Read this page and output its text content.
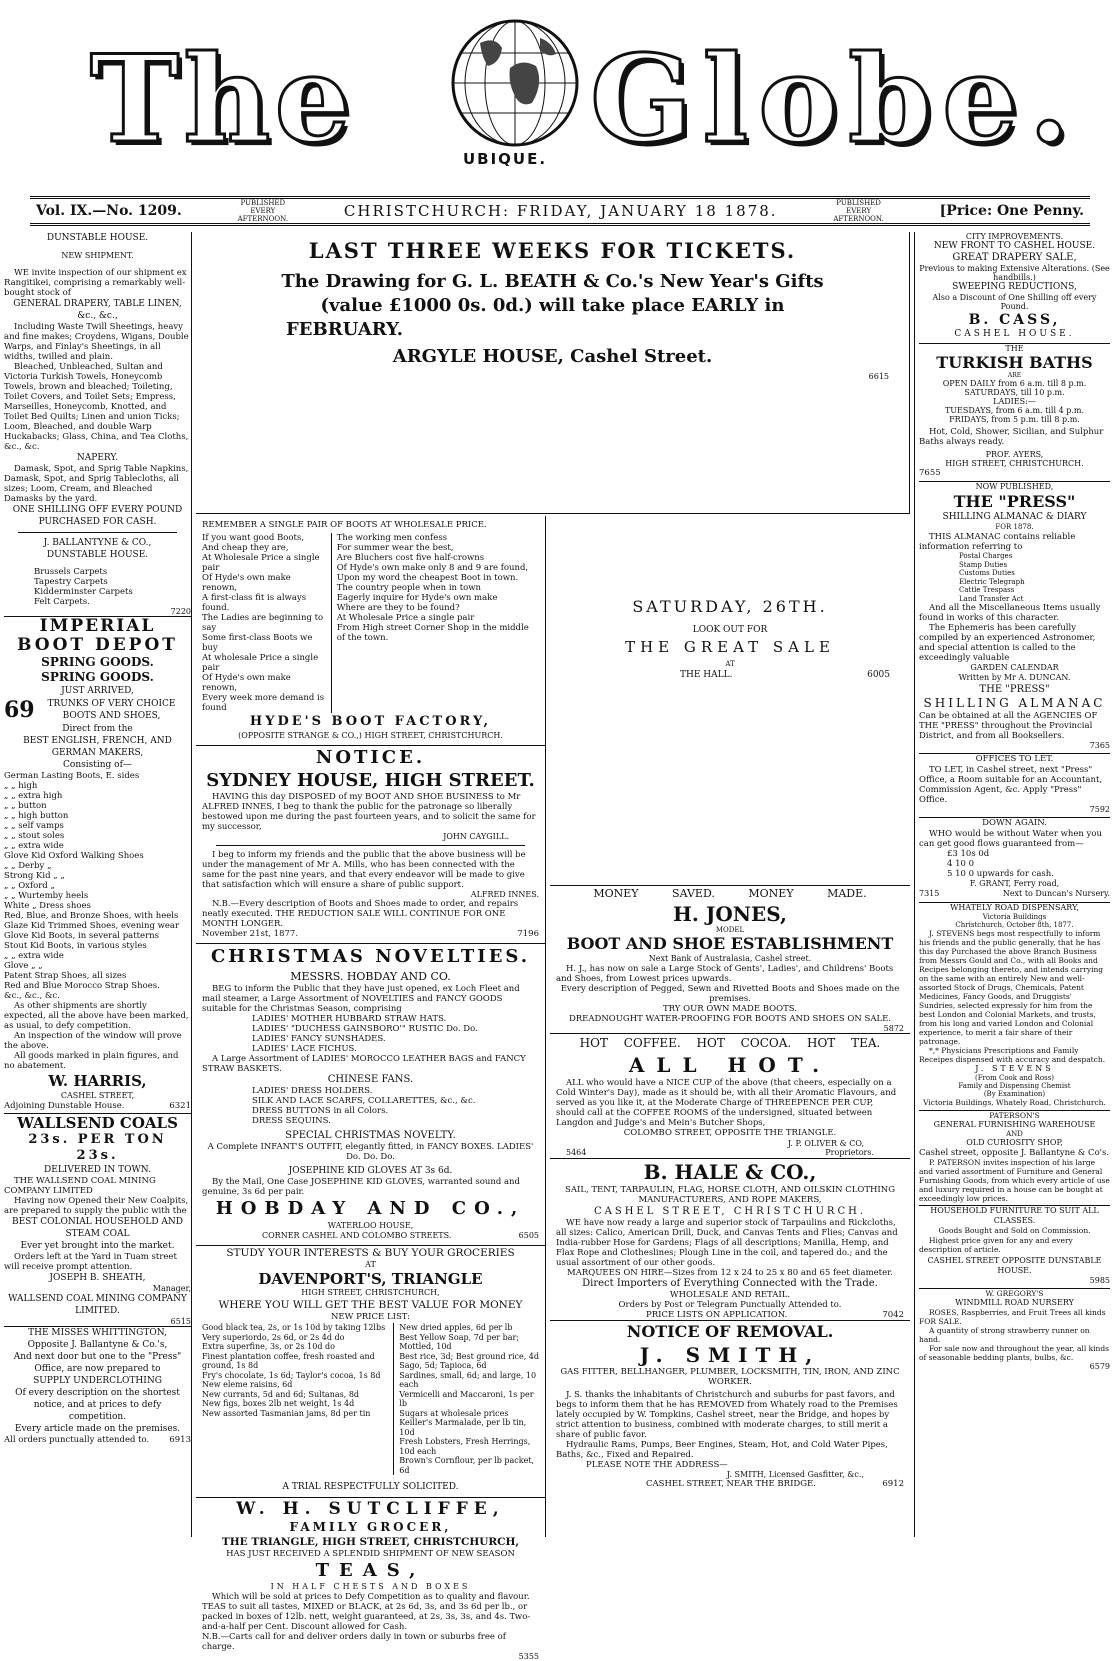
The	UBIQUE. Globe.
Vol. IX.—No. 1209.	PUBLISHED EVERY AFTERNOON.	CHRISTCHURCH: FRIDAY, JANUARY 18 1878.	PUBLISHED EVERY AFTERNOON.	[Price: One Penny.

DUNSTABLE HOUSE.

NEW SHIPMENT.

WE invite inspection of our shipment ex Rangitikei, comprising a remarkably well-bought stock of

GENERAL DRAPERY, TABLE LINEN, &c., &c.,

Including Waste Twill Sheetings, heavy and fine makes; Croydens, Wigans, Double Warps, and Finlay's Sheetings, in all widths, twilled and plain.

Bleached, Unbleached, Sultan and Victoria Turkish Towels, Honeycomb Towels, brown and bleached; Toileting, Toilet Covers, and Toilet Sets; Empress, Marseilles, Honeycomb, Knotted, and Toilet Bed Quilts; Linen and union Ticks; Loom, Bleached, and double Warp Huckabacks; Glass, China, and Tea Cloths, &c., &c.

NAPERY.

Damask, Spot, and Sprig Table Napkins, Damask, Spot, and Sprig Tablecloths, all sizes; Loom, Cream, and Bleached Damasks by the yard.

ONE SHILLING OFF EVERY POUND PURCHASED FOR CASH.

J. BALLANTYNE & CO.,

DUNSTABLE HOUSE.

Brussels Carpets

Tapestry Carpets

Kidderminster Carpets

Felt Carpets.

7220

IMPERIAL

BOOT DEPOT

SPRING GOODS.

SPRING GOODS.

JUST ARRIVED,

69	TRUNKS OF VERY CHOICE BOOTS AND SHOES,

Direct from the

BEST ENGLISH, FRENCH, AND GERMAN MAKERS,

Consisting of—

German Lasting Boots, E. sides
„ „ high
„ „ extra high
„ „ button
„ „ high button
„ „ self vamps
„ „ stout soles
„ „ extra wide
Glove Kid Oxford Walking Shoes
„ „ Derby „
Strong Kid „ „
„ „ Oxford „
„ „ Wurtemby heels
White „ Dress shoes
Red, Blue, and Bronze Shoes, with heels
Glaze Kid Trimmed Shoes, evening wear
Glove Kid Boots, in several patterns
Stout Kid Boots, in various styles
„ „ extra wide
Glove „ „
Patent Strap Shoes, all sizes
Red and Blue Morocco Strap Shoes.
&c., &c., &c.

As other shipments are shortly expected, all the above have been marked, as usual, to defy competition.

An inspection of the window will prove the above.

All goods marked in plain figures, and no abatement.

W. HARRIS,

CASHEL STREET,

Adjoining Dunstable House.	6321

WALLSEND COALS

23s. PER TON 23s.

DELIVERED IN TOWN.

THE WALLSEND COAL MINING COMPANY LIMITED

Having now Opened their New Coalpits, are prepared to supply the public with the

BEST COLONIAL HOUSEHOLD AND STEAM COAL

Ever yet brought into the market.

Orders left at the Yard in Tuam street will receive prompt attention.

JOSEPH B. SHEATH,

Manager,

WALLSEND COAL MINING COMPANY LIMITED.

6515

THE MISSES WHITTINGTON,

Opposite J. Ballantyne & Co.'s,

And next door but one to the "Press" Office, are now prepared to

SUPPLY UNDERCLOTHING

Of every description on the shortest notice, and at prices to defy competition.

Every article made on the premises.

All orders punctually attended to. 6913

LAST THREE WEEKS FOR TICKETS.

The Drawing for G. L. BEATH & Co.'s New Year's Gifts

(value £1000 0s. 0d.) will take place EARLY in

FEBRUARY.

ARGYLE HOUSE, Cashel Street.

6615

REMEMBER A SINGLE PAIR OF BOOTS AT WHOLESALE PRICE.

If you want good Boots,
And cheap they are,
At Wholesale Price a single pair
Of Hyde's own make renown,
A first-class fit is always found.
The Ladies are beginning to say
Some first-class Boots we buy
At wholesale Price a single pair
Of Hyde's own make renown,
Every week more demand is found

The working men confess
For summer wear the best,
Are Bluchers cost five half-crowns
Of Hyde's own make only 8 and 9 are found,
Upon my word the cheapest Boot in town.
The country people when in town
Eagerly inquire for Hyde's own make
Where are they to be found?
At Wholesale Price a single pair
From High street Corner Shop in the middle of the town.

HYDE'S BOOT FACTORY,

(OPPOSITE STRANGE & CO.,) HIGH STREET, CHRISTCHURCH.

NOTICE.

SYDNEY HOUSE, HIGH STREET.

HAVING this day DISPOSED of my BOOT AND SHOE BUSINESS to Mr ALFRED INNES, I beg to thank the public for the patronage so liberally bestowed upon me during the past fourteen years, and to solicit the same for my successor,

JOHN CAYGILL.

I beg to inform my friends and the public that the above business will be under the management of Mr A. Mills, who has been connected with the same for the past nine years, and that every endeavor will be made to give that satisfaction which will ensure a share of public support.

ALFRED INNES.

N.B.—Every description of Boots and Shoes made to order, and repairs neatly executed. THE REDUCTION SALE WILL CONTINUE FOR ONE MONTH LONGER.

November 21st, 1877.	7196

CHRISTMAS NOVELTIES.

MESSRS. HOBDAY AND CO.

BEG to inform the Public that they have just opened, ex Loch Fleet and mail steamer, a Large Assortment of NOVELTIES and FANCY GOODS suitable for the Christmas Season, comprising

LADIES' MOTHER HUBBARD STRAW HATS.
LADIES' "DUCHESS GAINSBORO'" RUSTIC Do. Do.
LADIES' FANCY SUNSHADES.
LADIES' LACE FICHUS.

A Large Assortment of LADIES' MOROCCO LEATHER BAGS and FANCY STRAW BASKETS.

CHINESE FANS.

LADIES' DRESS HOLDERS.
SILK AND LACE SCARFS, COLLARETTES, &c., &c.
DRESS BUTTONS in all Colors.
DRESS SEQUINS.

SPECIAL CHRISTMAS NOVELTY.

A Complete INFANT'S OUTFIT, elegantly fitted, in FANCY BOXES. LADIES' Do. Do. Do.

JOSEPHINE KID GLOVES AT 3s 6d.

By the Mail, One Case JOSEPHINE KID GLOVES, warranted sound and genuine, 3s 6d per pair.

HOBDAY AND CO.,

WATERLOO HOUSE,

CORNER CASHEL AND COLOMBO STREETS.	6505

STUDY YOUR INTERESTS & BUY YOUR GROCERIES

AT

DAVENPORT'S, TRIANGLE

HIGH STREET, CHRISTCHURCH,

WHERE YOU WILL GET THE BEST VALUE FOR MONEY

NEW PRICE LIST:

Good black tea, 2s, or 1s 10d by taking 12lbs
Very superiordo, 2s 6d, or 2s 4d do
Extra superfine, 3s, or 2s 10d do
Finest plantation coffee, fresh roasted and ground, 1s 8d
Fry's chocolate, 1s 6d; Taylor's cocoa, 1s 8d
New eleme raisins, 6d
New currants, 5d and 6d; Sultanas, 8d
New figs, boxes 2lb net weight, 1s 4d
New assorted Tasmanian jams, 8d per tin

New dried apples, 6d per lb
Best Yellow Soap, 7d per bar; Mottled, 10d
Best rice, 3d; Best ground rice, 4d
Sago, 5d; Tapioca, 6d
Sardines, small, 6d; and large, 10 each
Vermicelli and Maccaroni, 1s per lb
Sugars at wholesale prices
Keiller's Marmalade, per lb tin, 10d
Fresh Lobsters, Fresh Herrings, 10d each
Brown's Cornflour, per lb packet, 6d

A TRIAL RESPECTFULLY SOLICITED.

W. H. SUTCLIFFE,

FAMILY GROCER,

THE TRIANGLE, HIGH STREET, CHRISTCHURCH,

HAS JUST RECEIVED A SPLENDID SHIPMENT OF NEW SEASON

TEAS,

IN HALF CHESTS AND BOXES

Which will be sold at prices to Defy Competition as to quality and flavour. TEAS to suit all tastes, MIXED or BLACK, at 2s 6d, 3s, and 3s 6d per lb., or packed in boxes of 12lb. nett, weight guaranteed, at 2s, 3s, 3s, and 4s. Two-and-a-half per Cent. Discount allowed for Cash.

N.B.—Carts call for and deliver orders daily in town or suburbs free of charge.

5355

SATURDAY, 26TH.

LOOK OUT FOR

THE GREAT SALE

AT

THE HALL.	6005

MONEY SAVED. MONEY MADE.

H. JONES,

MODEL

BOOT AND SHOE ESTABLISHMENT

Next Bank of Australasia, Cashel street.

H. J., has now on sale a Large Stock of Gents', Ladies', and Childrens' Boots and Shoes, from Lowest prices upwards.

Every description of Pegged, Sewn and Rivetted Boots and Shoes made on the premises.

TRY OUR OWN MADE BOOTS.

DREADNOUGHT WATER-PROOFING FOR BOOTS AND SHOES ON SALE.

5872

HOT COFFEE. HOT COCOA. HOT TEA.

ALL HOT.

ALL who would have a NICE CUP of the above (that cheers, especially on a Cold Winter's Day), made as it should be, with all their Aromatic Flavours, and served as you like it, at the Moderate Charge of THREEPENCE PER CUP, should call at the COFFEE ROOMS of the undersigned, situated between Langdon and Judge's and Mein's Butcher Shops,

COLOMBO STREET, OPPOSITE THE TRIANGLE.

J. P. OLIVER & CO,

5464	Proprietors.

B. HALE & CO.,

SAIL, TENT, TARPAULIN, FLAG, HORSE CLOTH, AND OILSKIN CLOTHING MANUFACTURERS, AND ROPE MAKERS,

CASHEL STREET, CHRISTCHURCH.

WE have now ready a large and superior stock of Tarpaulins and Rickcloths, all sizes: Calico, American Drill, Duck, and Canvas Tents and Flies; Canvas and India-rubber Hose for Gardens; Flags of all descriptions; Manilla, Hemp, and Flax Rope and Clotheslines; Plough Line in the coil, and tapered do.; and the usual assortment of our other goods.

MARQUEES ON HIRE—Sizes from 12 x 24 to 25 x 80 and 65 feet diameter.

Direct Importers of Everything Connected with the Trade.

WHOLESALE AND RETAIL.

Orders by Post or Telegram Punctually Attended to.

PRICE LISTS ON APPLICATION.	7042

NOTICE OF REMOVAL.

J. SMITH,

GAS FITTER, BELLHANGER, PLUMBER, LOCKSMITH, TIN, IRON, AND ZINC WORKER.

J. S. thanks the inhabitants of Christchurch and suburbs for past favors, and begs to inform them that he has REMOVED from Whately road to the Premises lately occupied by W. Tompkins, Cashel street, near the Bridge, and hopes by strict attention to business, combined with moderate charges, to still merit a share of public favor.

Hydraulic Rams, Pumps, Beer Engines, Steam, Hot, and Cold Water Pipes, Baths, &c., Fixed and Repaired.

PLEASE NOTE THE ADDRESS—

J. SMITH, Licensed Gasfitter, &c.,

CASHEL STREET, NEAR THE BRIDGE.	6912

CITY IMPROVEMENTS.

NEW FRONT TO CASHEL HOUSE.

GREAT DRAPERY SALE,

Previous to making Extensive Alterations. (See handbills.)

SWEEPING REDUCTIONS,

Also a Discount of One Shilling off every Pound.

B. CASS,

CASHEL HOUSE.

THE

TURKISH BATHS

ARE

OPEN DAILY from 6 a.m. till 8 p.m.

SATURDAYS, till 10 p.m.

LADIES:—

TUESDAYS, from 6 a.m. till 4 p.m.

FRIDAYS, from 5 p.m. till 8 p.m.

Hot, Cold, Shower, Sicilian, and Sulphur Baths always ready.

PROF. AYERS,

HIGH STREET, CHRISTCHURCH.

7655

NOW PUBLISHED,

THE "PRESS"

SHILLING ALMANAC & DIARY

FOR 1878.

THIS ALMANAC contains reliable information referring to

Postal Charges
Stamp Duties
Customs Duties
Electric Telegraph
Cattle Trespass
Land Transfer Act

And all the Miscellaneous Items usually found in works of this character.

The Ephemeris has been carefully compiled by an experienced Astronomer, and special attention is called to the exceedingly valuable

GARDEN CALENDAR

Written by Mr A. DUNCAN.

THE "PRESS"

SHILLING ALMANAC

Can be obtained at all the AGENCIES OF THE "PRESS" throughout the Provincial District, and from all Booksellers.

7365

OFFICES TO LET.

TO LET, in Cashel street, next "Press" Office, a Room suitable for an Accountant, Commission Agent, &c. Apply "Press" Office.

7592

DOWN AGAIN.

WHO would be without Water when you can get good flows guaranteed from—

£3 10s 0d
4 10 0
5 10 0 upwards for cash.

F. GRANT, Ferry road,

7315	Next to Duncan's Nursery.

WHATELY ROAD DISPENSARY,

Victoria Buildings

Christchurch, October 8th, 1877.

J. STEVENS begs most respectfully to inform his friends and the public generally, that he has this day Purchased the above Branch Business from Messrs Gould and Co., with all Books and Recipes belonging thereto, and intends carrying on the same with an entirely New and well-assorted Stock of Drugs, Chemicals, Patent Medicines, Fancy Goods, and Druggists' Sundries, selected expressly for him from the best London and Colonial Markets, and trusts, from his long and varied London and Colonial experience, to merit a fair share of their patronage.

*,* Physicians Prescriptions and Family Receipes dispensed with accuracy and despatch.

J. STEVENS

(From Cook and Ross)

Family and Dispensing Chemist

(By Examination)

Victoria Buildings, Whately Road, Christchurch.

PATERSON'S

GENERAL FURNISHING WAREHOUSE

AND

OLD CURIOSITY SHOP,

Cashel street, opposite J. Ballantyne & Co's.

P. PATERSON invites inspection of his large and varied assortment of Furniture and General Furnishing Goods, from which every article of use and luxury required in a house can be bought at exceedingly low prices.

HOUSEHOLD FURNITURE TO SUIT ALL CLASSES.

Goods Bought and Sold on Commission.

Highest price given for any and every description of article.

CASHEL STREET OPPOSITE DUNSTABLE HOUSE.

5985

W. GREGORY'S

WINDMILL ROAD NURSERY

ROSES, Raspberries, and Fruit Trees all kinds FOR SALE.

A quantity of strong strawberry runner on hand.

For sale now and throughout the year, all kinds of seasonable bedding plants, bulbs, &c.

6579
